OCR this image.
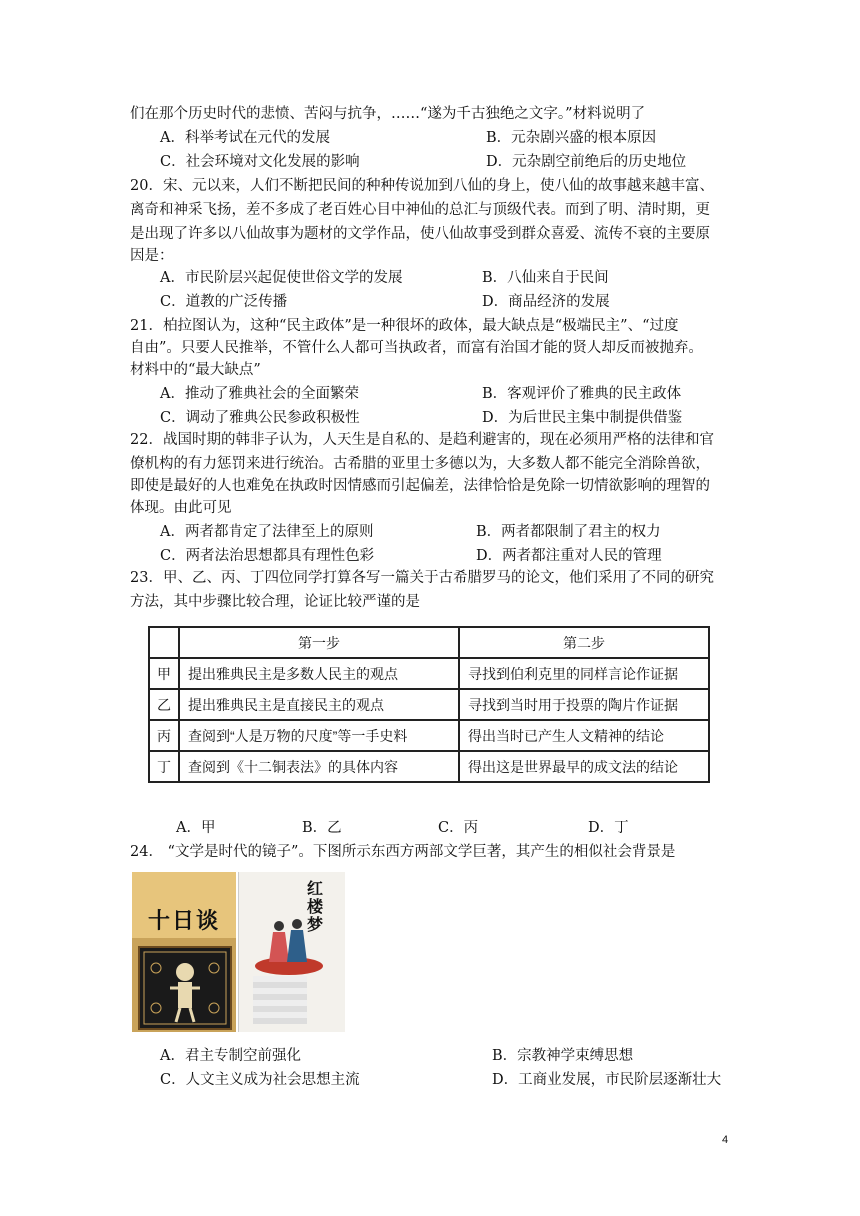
们在那个历史时代的悲愤、苦闷与抗争，……“遂为千古独绝之文字。”材料说明了
A．科举考试在元代的发展	B．元杂剧兴盛的根本原因
C．社会环境对文化发展的影响	D．元杂剧空前绝后的历史地位
20．宋、元以来，人们不断把民间的种种传说加到八仙的身上，使八仙的故事越来越丰富、
离奇和神采飞扬，差不多成了老百姓心目中神仙的总汇与顶级代表。而到了明、清时期，更
是出现了许多以八仙故事为题材的文学作品，使八仙故事受到群众喜爱、流传不衰的主要原
因是：
A．市民阶层兴起促使世俗文学的发展	B．八仙来自于民间
C．道教的广泛传播	D．商品经济的发展
21．柏拉图认为，这种“民主政体”是一种很坏的政体，最大缺点是“极端民主”、“过度
自由”。只要人民推举，不管什么人都可当执政者，而富有治国才能的贤人却反而被抛弃。
材料中的“最大缺点”
A．推动了雅典社会的全面繁荣	B．客观评价了雅典的民主政体
C．调动了雅典公民参政积极性	D．为后世民主集中制提供借鉴
22．战国时期的韩非子认为，人天生是自私的、是趋利避害的，现在必须用严格的法律和官
僚机构的有力惩罚来进行统治。古希腊的亚里士多德以为，大多数人都不能完全消除兽欲，
即使是最好的人也难免在执政时因情感而引起偏差，法律恰恰是免除一切情欲影响的理智的
体现。由此可见
A．两者都肯定了法律至上的原则	B．两者都限制了君主的权力
C．两者法治思想都具有理性色彩	D．两者都注重对人民的管理
23．甲、乙、丙、丁四位同学打算各写一篇关于古希腊罗马的论文，他们采用了不同的研究
方法，其中步骤比较合理，论证比较严谨的是
	第一步	第二步
甲	提出雅典民主是多数人民主的观点	寻找到伯利克里的同样言论作证据
乙	提出雅典民主是直接民主的观点	寻找到当时用于投票的陶片作证据
丙	查阅到“人是万物的尺度”等一手史料	得出当时已产生人文精神的结论
丁	查阅到《十二铜表法》的具体内容	得出这是世界最早的成文法的结论
A．甲	B．乙	C．丙	D．丁
24． “文学是时代的镜子”。下图所示东西方两部文学巨著，其产生的相似社会背景是
十日谈
红楼梦
A．君主专制空前强化	B．宗教神学束缚思想
C．人文主义成为社会思想主流	D．工商业发展，市民阶层逐渐壮大
4
